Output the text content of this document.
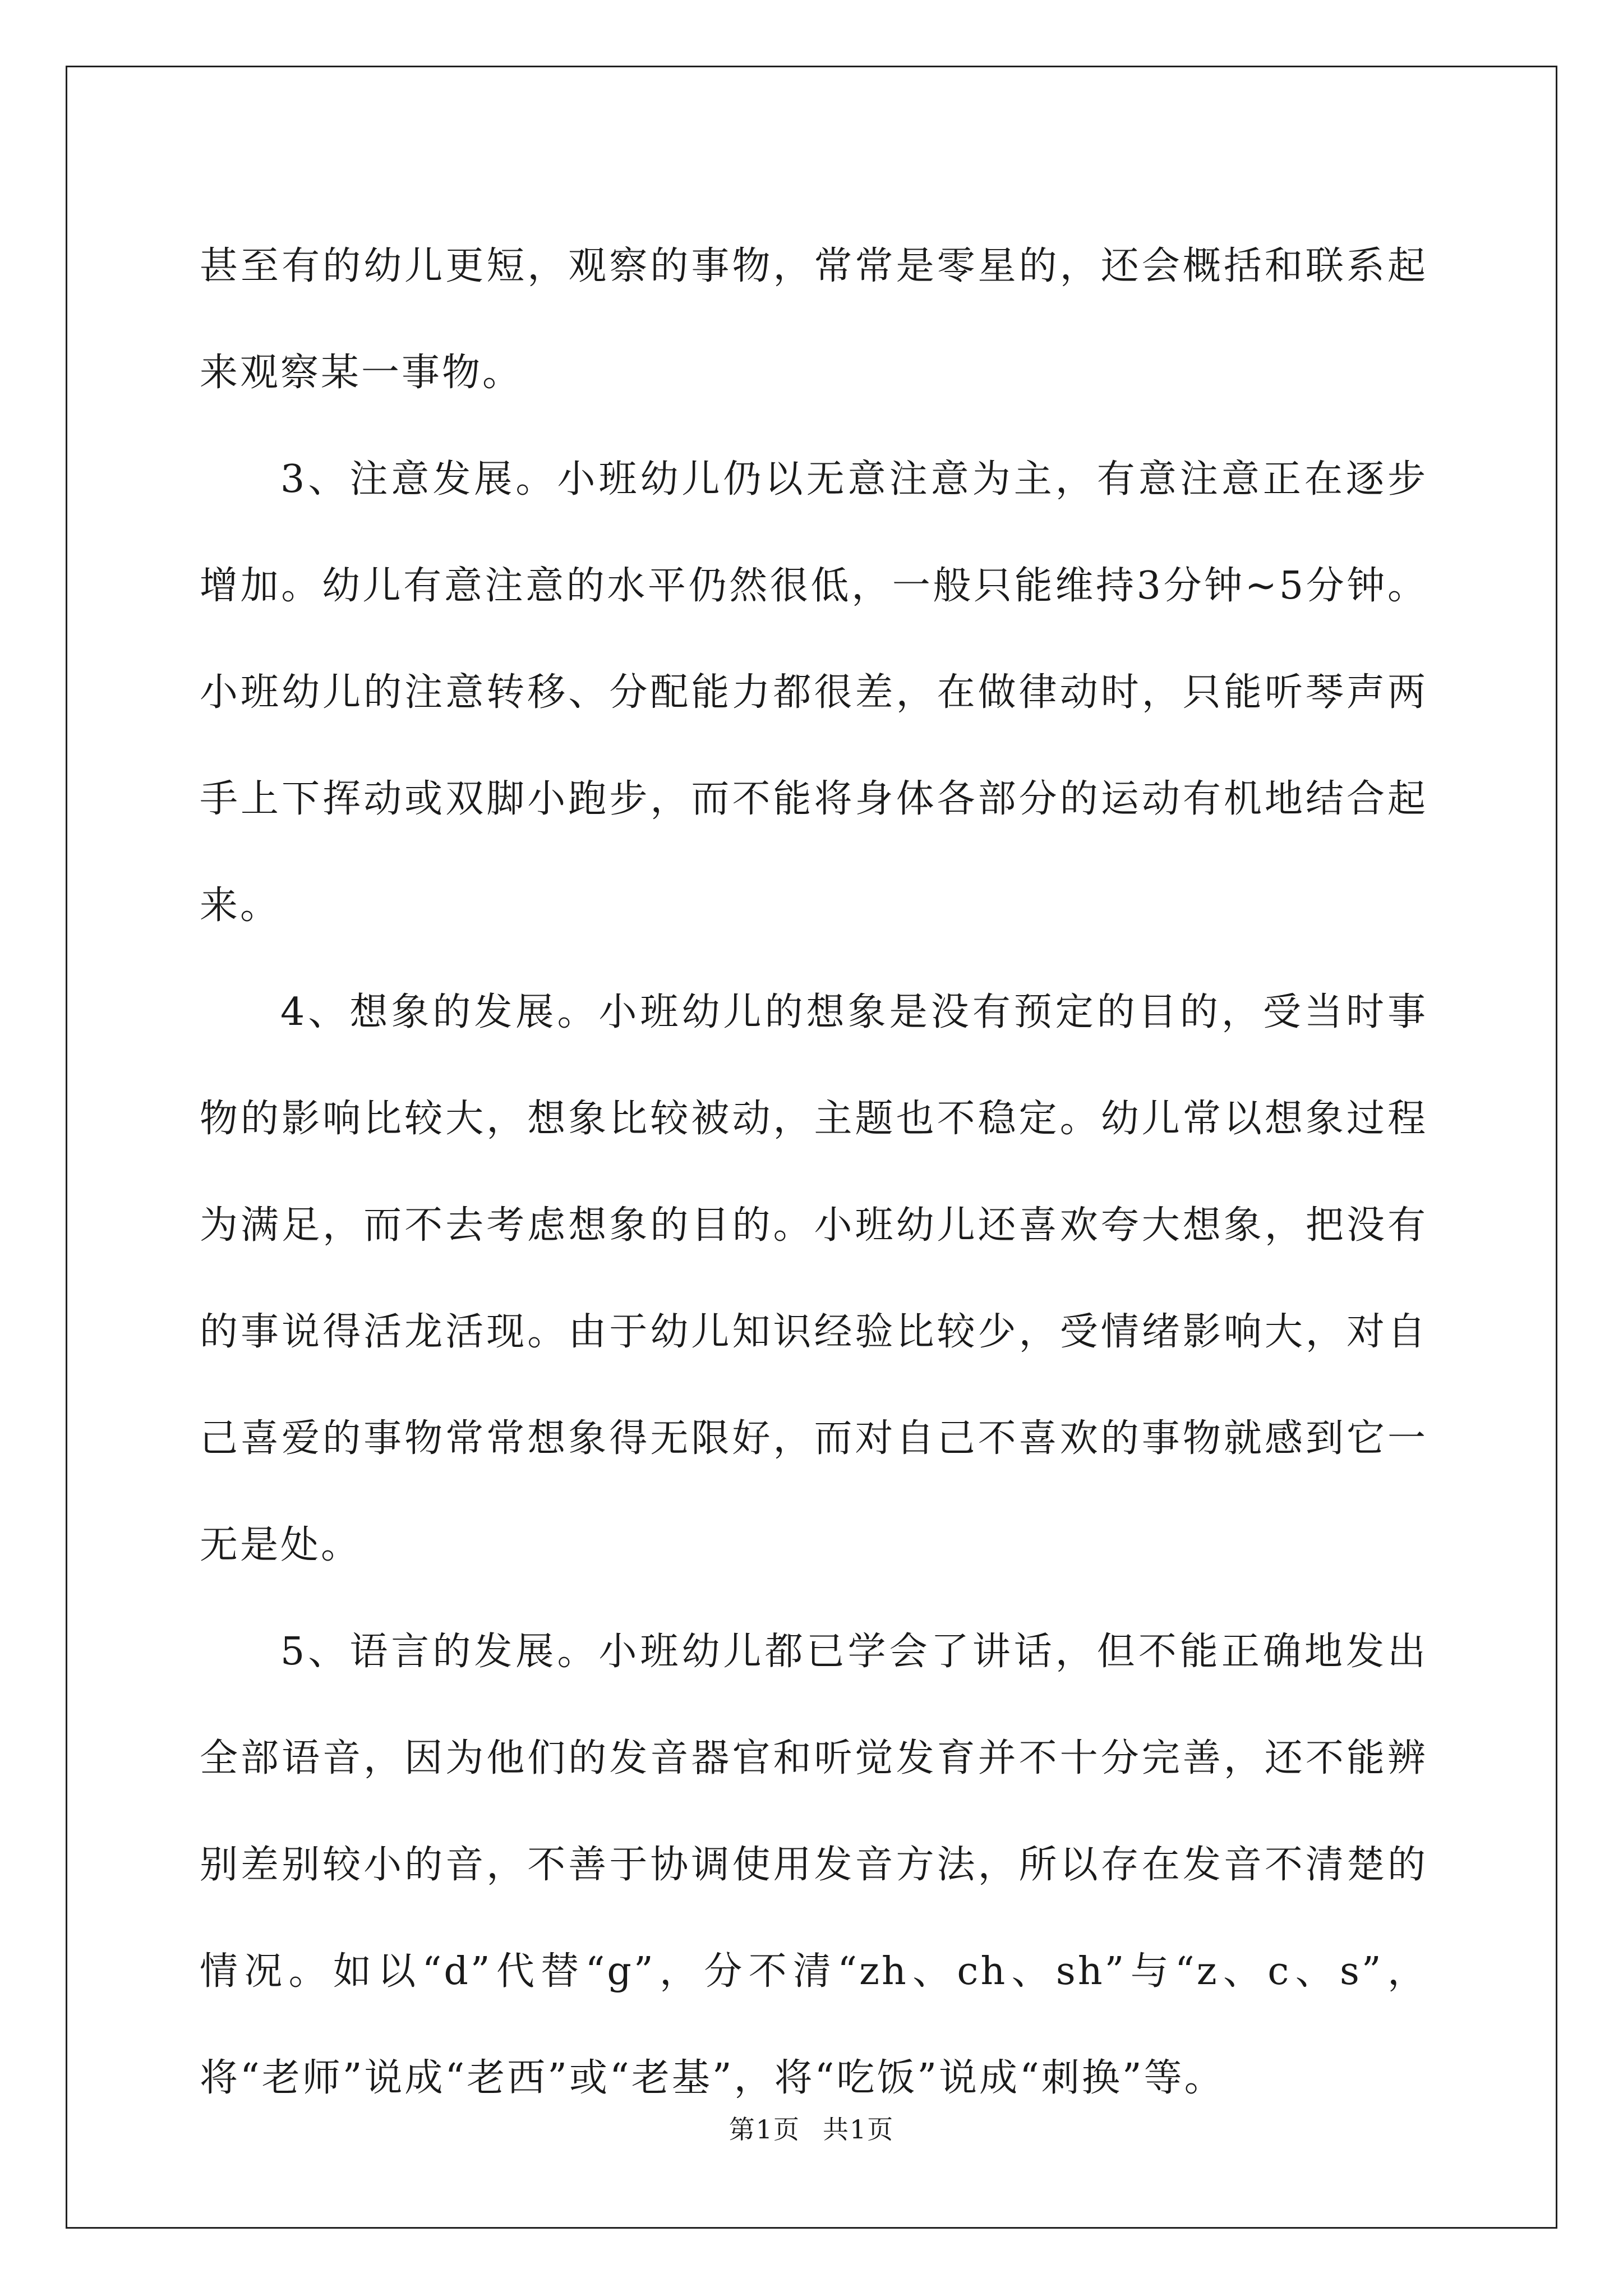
甚至有的幼儿更短，观察的事物，常常是零星的，还会概括和联系起来观察某一事物。

3、注意发展。小班幼儿仍以无意注意为主，有意注意正在逐步增加。幼儿有意注意的水平仍然很低，一般只能维持3分钟~5分钟。小班幼儿的注意转移、分配能力都很差，在做律动时，只能听琴声两手上下挥动或双脚小跑步，而不能将身体各部分的运动有机地结合起来。

4、想象的发展。小班幼儿的想象是没有预定的目的，受当时事物的影响比较大，想象比较被动，主题也不稳定。幼儿常以想象过程为满足，而不去考虑想象的目的。小班幼儿还喜欢夸大想象，把没有的事说得活龙活现。由于幼儿知识经验比较少，受情绪影响大，对自己喜爱的事物常常想象得无限好，而对自己不喜欢的事物就感到它一无是处。

5、语言的发展。小班幼儿都已学会了讲话，但不能正确地发出全部语音，因为他们的发音器官和听觉发育并不十分完善，还不能辨别差别较小的音，不善于协调使用发音方法，所以存在发音不清楚的情况。如以“d”代替“g”，分不清“zh、ch、sh”与“z、c、s”，将“老师”说成“老西”或“老基”，将“吃饭”说成“刺换”等。

第1页 共1页
